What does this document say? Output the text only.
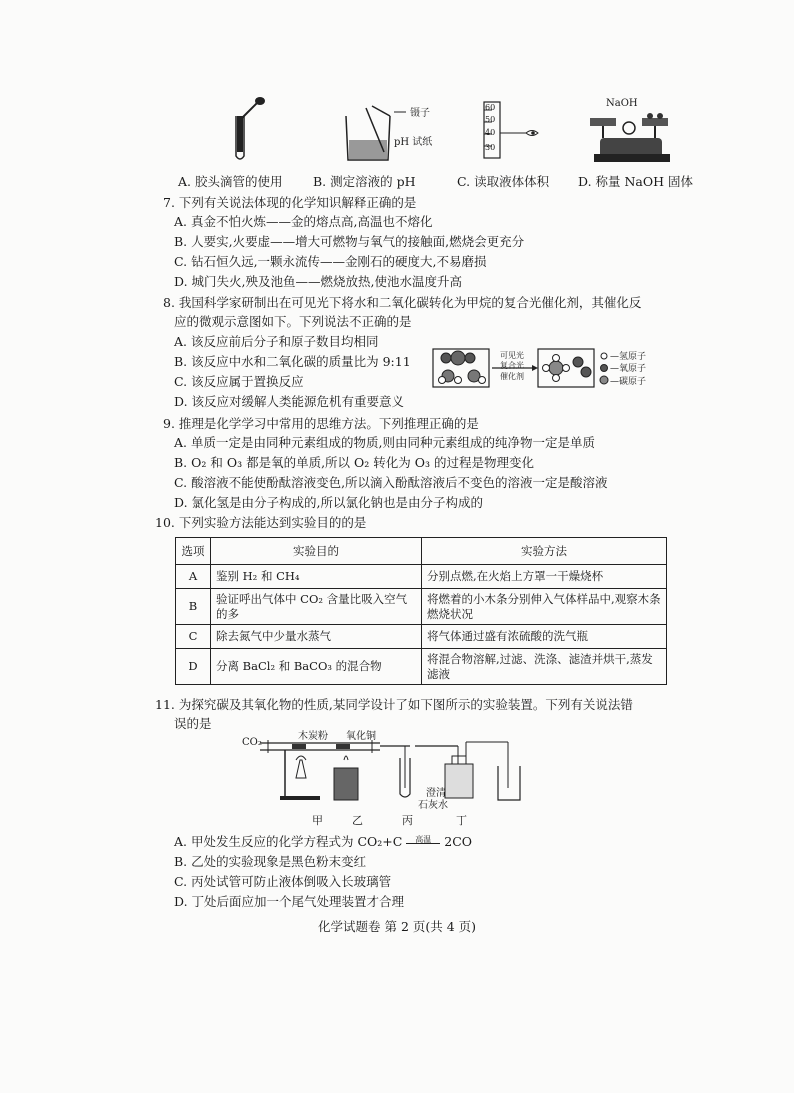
镊子
pH 试纸
60
50
40
30
NaOH
A. 胶头滴管的使用 B. 测定溶液的 pH	C. 读取液体体积 D. 称量 NaOH 固体
7. 下列有关说法体现的化学知识解释正确的是
A. 真金不怕火炼——金的熔点高,高温也不熔化
B. 人要实,火要虚——增大可燃物与氧气的接触面,燃烧会更充分
C. 钻石恒久远,一颗永流传——金刚石的硬度大,不易磨损
D. 城门失火,殃及池鱼——燃烧放热,使池水温度升高
8. 我国科学家研制出在可见光下将水和二氧化碳转化为甲烷的复合光催化剂，其催化反
应的微观示意图如下。下列说法不正确的是
A. 该反应前后分子和原子数目均相同
B. 该反应中水和二氧化碳的质量比为 9:11
C. 该反应属于置换反应
D. 该反应对缓解人类能源危机有重要意义
可见光
复合光
催化剂
—氢原子
—氧原子
—碳原子
9. 推理是化学学习中常用的思维方法。下列推理正确的是
A. 单质一定是由同种元素组成的物质,则由同种元素组成的纯净物一定是单质
B. O₂ 和 O₃ 都是氧的单质,所以 O₂ 转化为 O₃ 的过程是物理变化
C. 酸溶液不能使酚酞溶液变色,所以滴入酚酞溶液后不变色的溶液一定是酸溶液
D. 氯化氢是由分子构成的,所以氯化钠也是由分子构成的
10. 下列实验方法能达到实验目的的是
选项	实验目的	实验方法
A	鉴别 H₂ 和 CH₄	分别点燃,在火焰上方罩一干燥烧杯
B	验证呼出气体中 CO₂ 含量比吸入空气的多	将燃着的小木条分别伸入气体样品中,观察木条燃烧状况
C	除去氮气中少量水蒸气	将气体通过盛有浓硫酸的洗气瓶
D	分离 BaCl₂ 和 BaCO₃ 的混合物	将混合物溶解,过滤、洗涤、滤渣并烘干,蒸发滤液
11. 为探究碳及其氧化物的性质,某同学设计了如下图所示的实验装置。下列有关说法错
误的是
CO₂
木炭粉 氧化铜
澄清
石灰水
甲	乙	丙	丁
A. 甲处发生反应的化学方程式为 CO₂+C	高温	2CO
B. 乙处的实验现象是黑色粉末变红
C. 丙处试管可防止液体倒吸入长玻璃管
D. 丁处后面应加一个尾气处理装置才合理
化学试题卷 第 2 页(共 4 页)
